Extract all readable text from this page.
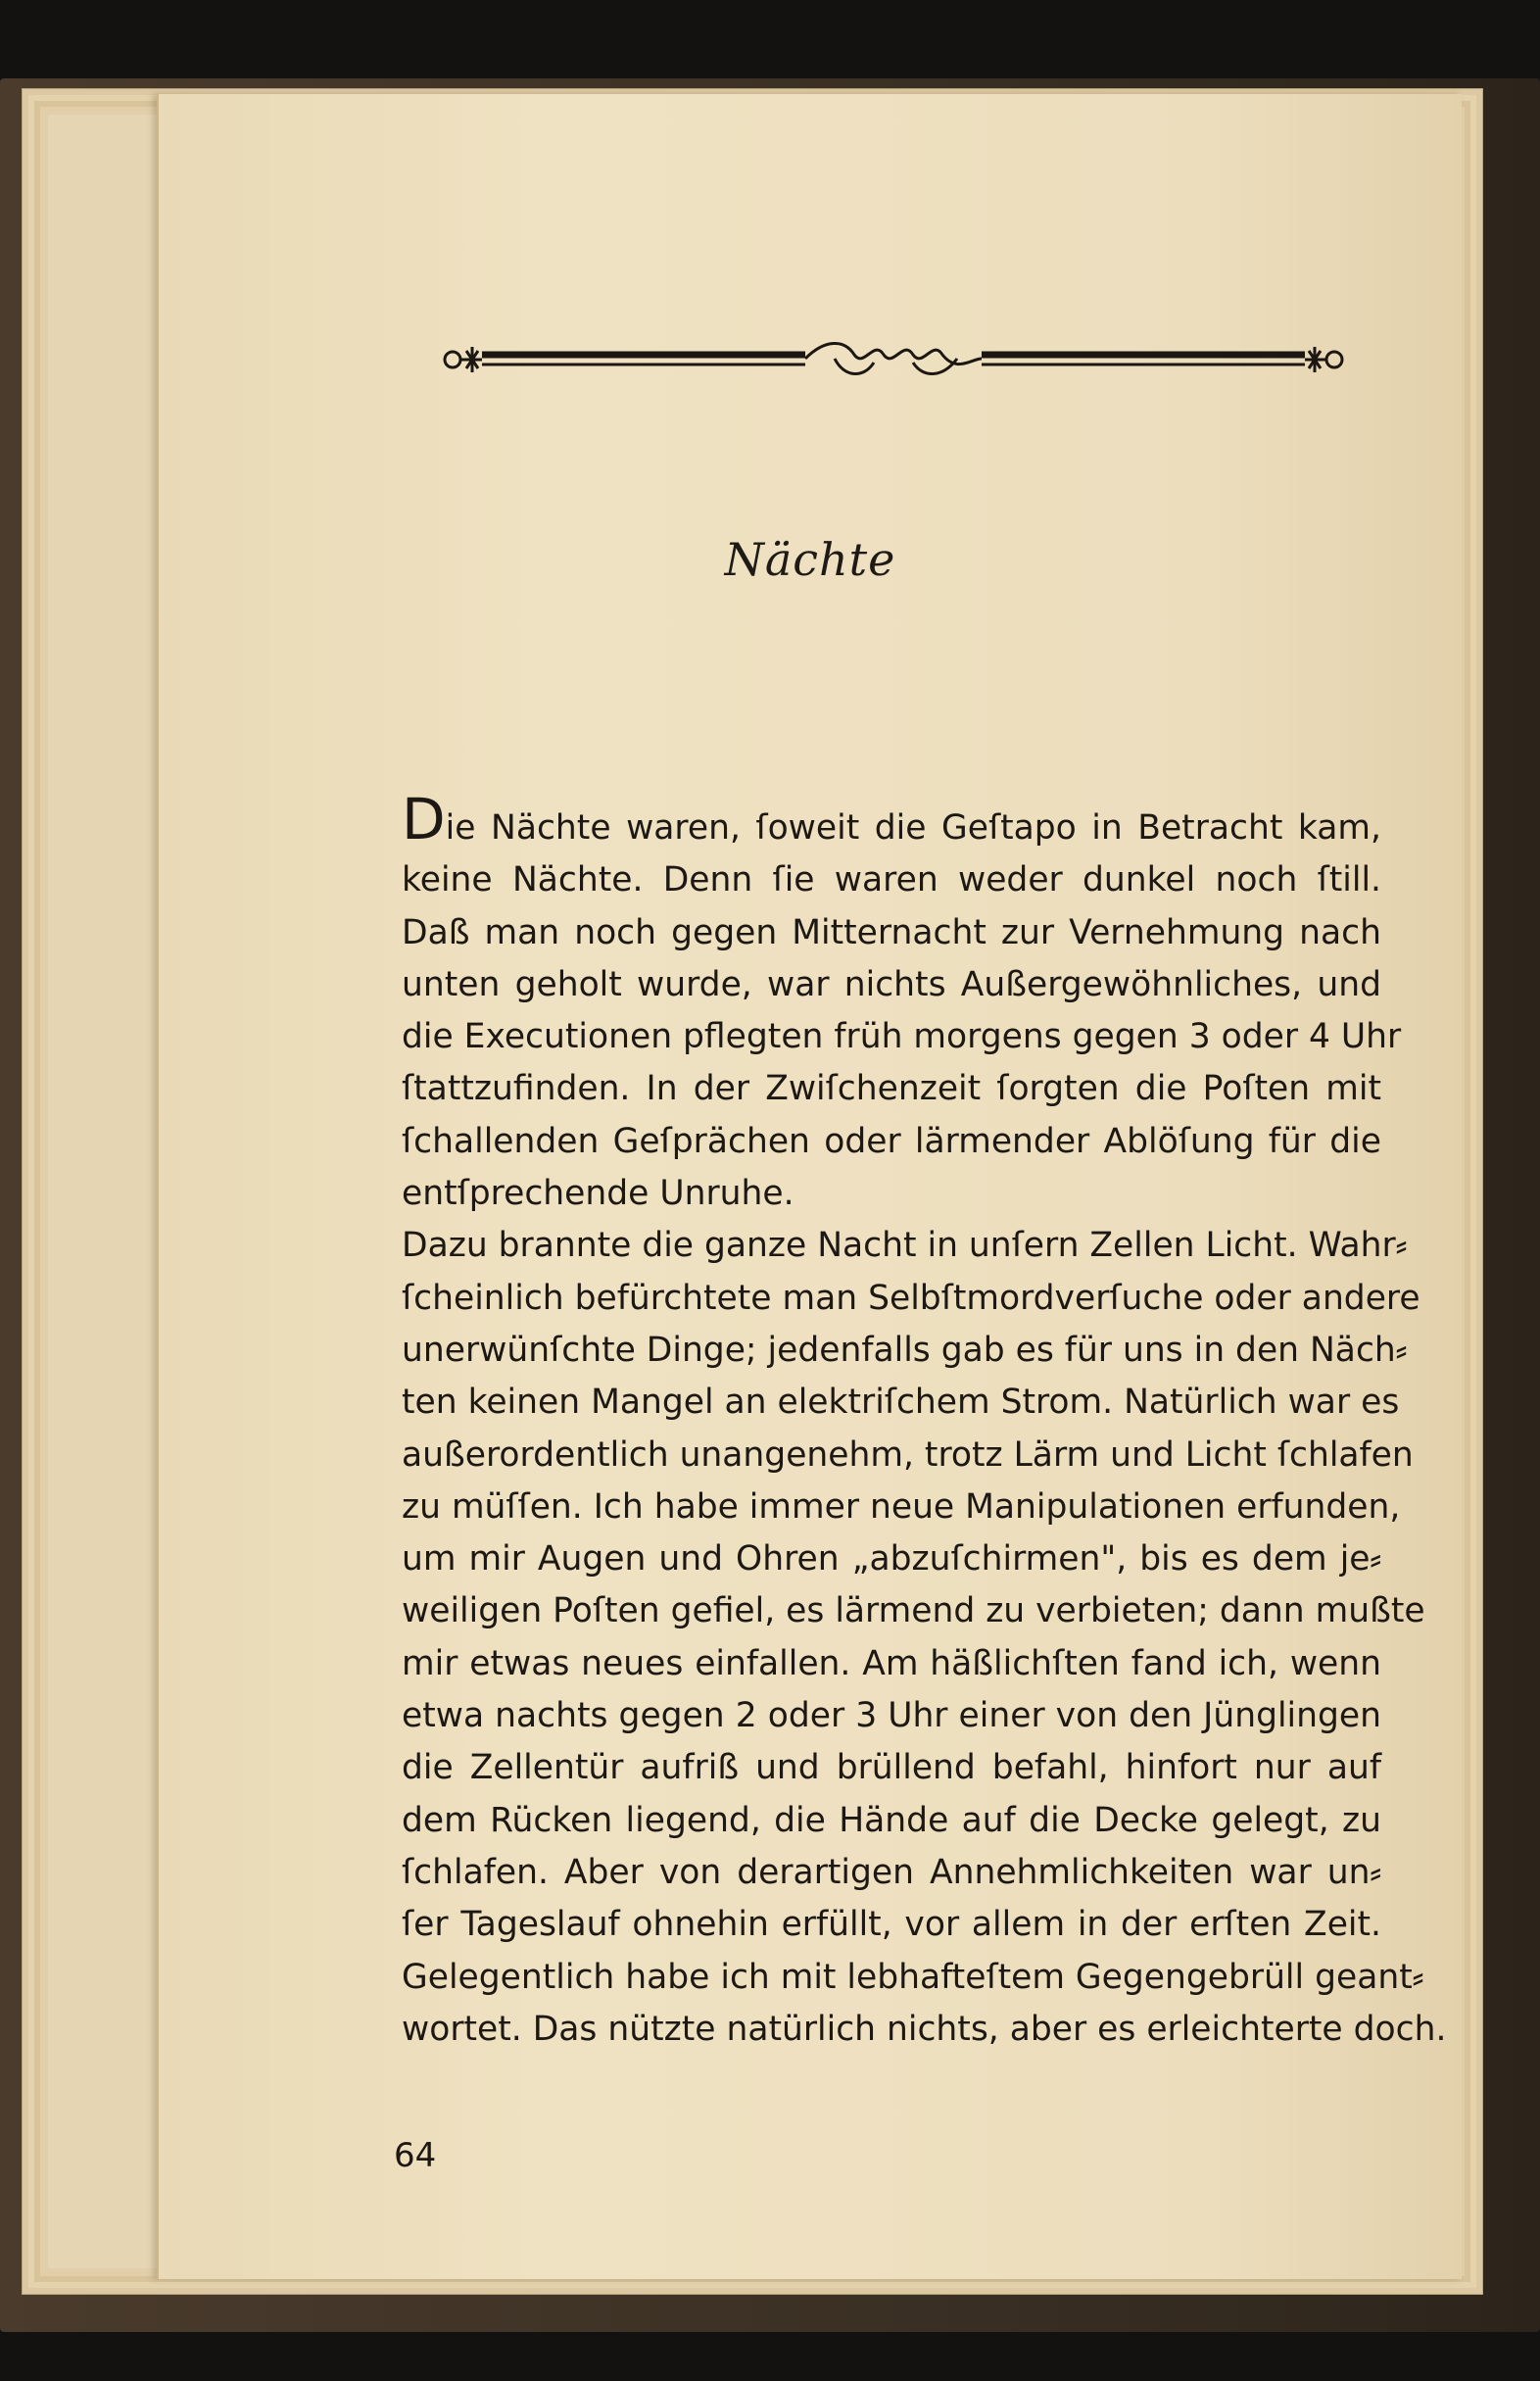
Nächte
Die Nächte waren, ſoweit die Geſtapo in Betracht kam,
keine Nächte. Denn ſie waren weder dunkel noch ſtill.
Daß man noch gegen Mitternacht zur Vernehmung nach
unten geholt wurde, war nichts Außergewöhnliches, und
die Executionen pflegten früh morgens gegen 3 oder 4 Uhr
ſtattzufinden. In der Zwiſchenzeit ſorgten die Poſten mit
ſchallenden Geſprächen oder lärmender Ablöſung für die
entſprechende Unruhe.
Dazu brannte die ganze Nacht in unſern Zellen Licht. Wahr⸗
ſcheinlich befürchtete man Selbſtmordverſuche oder andere
unerwünſchte Dinge; jedenfalls gab es für uns in den Näch⸗
ten keinen Mangel an elektriſchem Strom. Natürlich war es
außerordentlich unangenehm, trotz Lärm und Licht ſchlafen
zu müſſen. Ich habe immer neue Manipulationen erfunden,
um mir Augen und Ohren „abzuſchirmen", bis es dem je⸗
weiligen Poſten gefiel, es lärmend zu verbieten; dann mußte
mir etwas neues einfallen. Am häßlichſten fand ich, wenn
etwa nachts gegen 2 oder 3 Uhr einer von den Jünglingen
die Zellentür aufriß und brüllend befahl, hinfort nur auf
dem Rücken liegend, die Hände auf die Decke gelegt, zu
ſchlafen. Aber von derartigen Annehmlichkeiten war un⸗
ſer Tageslauf ohnehin erfüllt, vor allem in der erſten Zeit.
Gelegentlich habe ich mit lebhafteſtem Gegengebrüll geant⸗
wortet. Das nützte natürlich nichts, aber es erleichterte doch.
64
